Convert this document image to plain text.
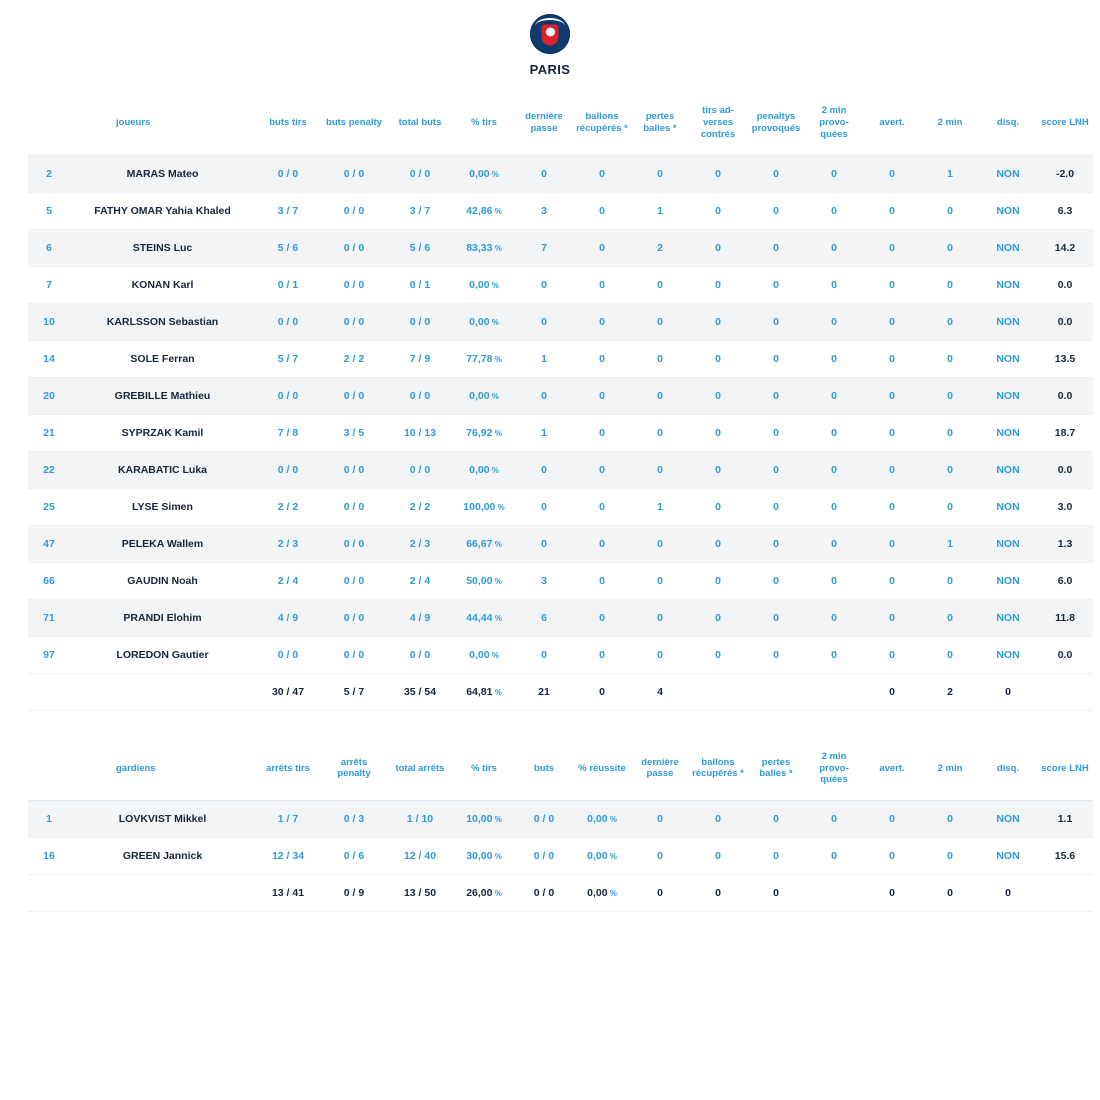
PARIS
	joueurs	buts tirs	buts penalty	total buts	% tirs	dernière passe	ballons récupérés *	pertes balles *	tirs ad-verses contrés	penaltys provoqués	2 min provo-quées	avert.	2 min	disq.	score LNH
2	MARAS Mateo	0 / 0	0 / 0	0 / 0	0,00 %	0	0	0	0	0	0	0	1	NON	-2.0
5	FATHY OMAR Yahia Khaled	3 / 7	0 / 0	3 / 7	42,86 %	3	0	1	0	0	0	0	0	NON	6.3
6	STEINS Luc	5 / 6	0 / 0	5 / 6	83,33 %	7	0	2	0	0	0	0	0	NON	14.2
7	KONAN Karl	0 / 1	0 / 0	0 / 1	0,00 %	0	0	0	0	0	0	0	0	NON	0.0
10	KARLSSON Sebastian	0 / 0	0 / 0	0 / 0	0,00 %	0	0	0	0	0	0	0	0	NON	0.0
14	SOLE Ferran	5 / 7	2 / 2	7 / 9	77,78 %	1	0	0	0	0	0	0	0	NON	13.5
20	GREBILLE Mathieu	0 / 0	0 / 0	0 / 0	0,00 %	0	0	0	0	0	0	0	0	NON	0.0
21	SYPRZAK Kamil	7 / 8	3 / 5	10 / 13	76,92 %	1	0	0	0	0	0	0	0	NON	18.7
22	KARABATIC Luka	0 / 0	0 / 0	0 / 0	0,00 %	0	0	0	0	0	0	0	0	NON	0.0
25	LYSE Simen	2 / 2	0 / 0	2 / 2	100,00 %	0	0	1	0	0	0	0	0	NON	3.0
47	PELEKA Wallem	2 / 3	0 / 0	2 / 3	66,67 %	0	0	0	0	0	0	0	1	NON	1.3
66	GAUDIN Noah	2 / 4	0 / 0	2 / 4	50,00 %	3	0	0	0	0	0	0	0	NON	6.0
71	PRANDI Elohim	4 / 9	0 / 0	4 / 9	44,44 %	6	0	0	0	0	0	0	0	NON	11.8
97	LOREDON Gautier	0 / 0	0 / 0	0 / 0	0,00 %	0	0	0	0	0	0	0	0	NON	0.0
		30 / 47	5 / 7	35 / 54	64,81 %	21	0	4				0	2	0	
	gardiens	arrêts tirs	arrêts penalty	total arrêts	% tirs	buts	% réussite	dernière passe	ballons récupérés *	pertes balles *	2 min provo-quées	avert.	2 min	disq.	score LNH
1	LOVKVIST Mikkel	1 / 7	0 / 3	1 / 10	10,00 %	0 / 0	0,00 %	0	0	0	0	0	0	NON	1.1
16	GREEN Jannick	12 / 34	0 / 6	12 / 40	30,00 %	0 / 0	0,00 %	0	0	0	0	0	0	NON	15.6
		13 / 41	0 / 9	13 / 50	26,00 %	0 / 0	0,00 %	0	0	0		0	0	0	
